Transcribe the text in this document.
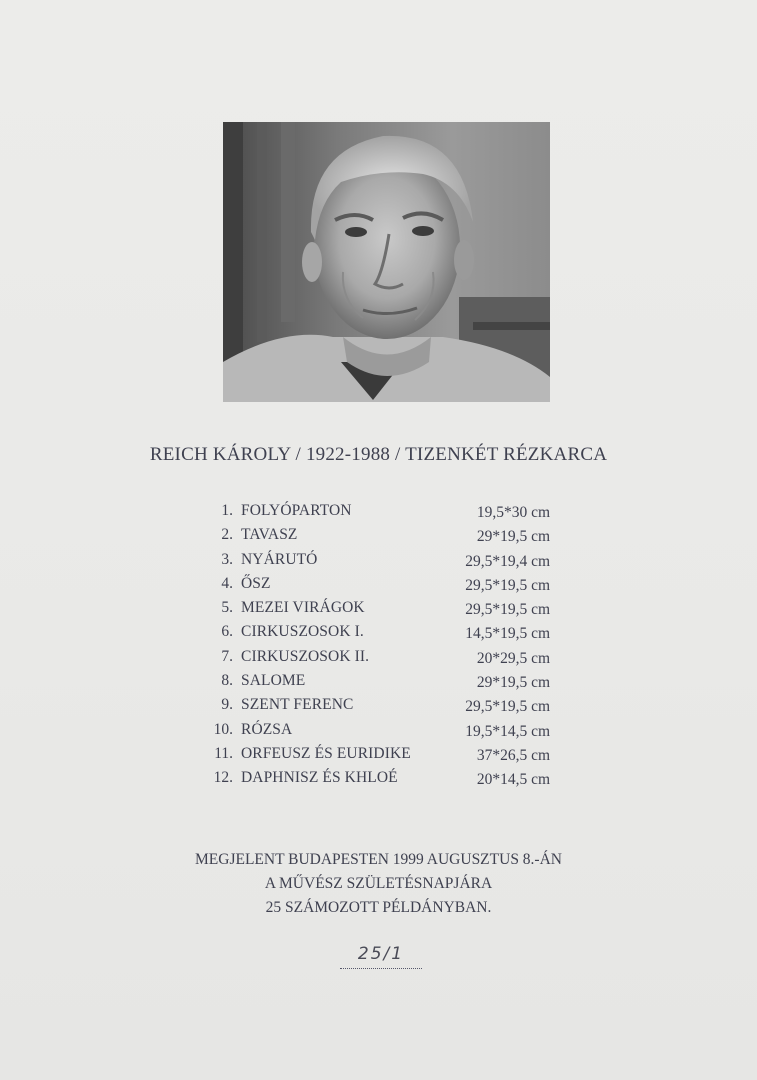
REICH KÁROLY / 1922-1988 / TIZENKÉT RÉZKARCA
1. FOLYÓPARTON	19,5*30 cm
2. TAVASZ	29*19,5 cm
3. NYÁRUTÓ	29,5*19,4 cm
4. ŐSZ	29,5*19,5 cm
5. MEZEI VIRÁGOK	29,5*19,5 cm
6. CIRKUSZOSOK I.	14,5*19,5 cm
7. CIRKUSZOSOK II.	20*29,5 cm
8. SALOME	29*19,5 cm
9. SZENT FERENC	29,5*19,5 cm
10. RÓZSA	19,5*14,5 cm
11. ORFEUSZ ÉS EURIDIKE	37*26,5 cm
12. DAPHNISZ ÉS KHLOÉ	20*14,5 cm
MEGJELENT BUDAPESTEN 1999 AUGUSZTUS 8.-ÁN
A MŰVÉSZ SZÜLETÉSNAPJÁRA
25 SZÁMOZOTT PÉLDÁNYBAN.
25/1
